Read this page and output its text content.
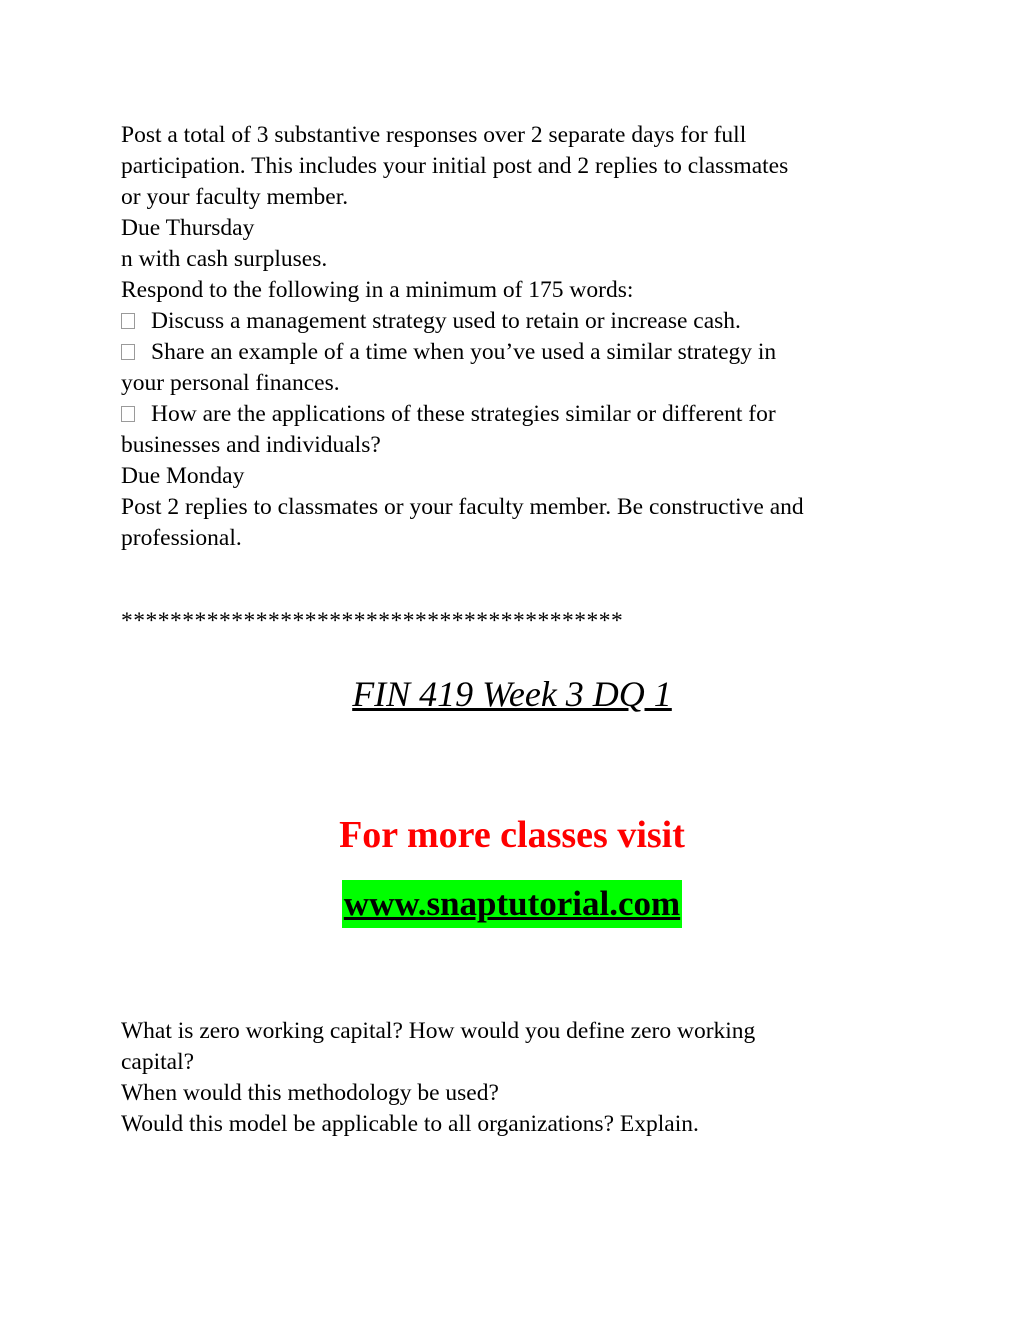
Post a total of 3 substantive responses over 2 separate days for full
participation. This includes your initial post and 2 replies to classmates
or your faculty member.
Due Thursday
n with cash surpluses.
Respond to the following in a minimum of 175 words:
Discuss a management strategy used to retain or increase cash.
Share an example of a time when you’ve used a similar strategy in
your personal finances.
How are the applications of these strategies similar or different for
businesses and individuals?
Due Monday
Post 2 replies to classmates or your faculty member. Be constructive and
professional.
*****************************************
FIN 419 Week 3 DQ 1
For more classes visit
www.snaptutorial.com
What is zero working capital? How would you define zero working
capital?
When would this methodology be used?
Would this model be applicable to all organizations? Explain.
